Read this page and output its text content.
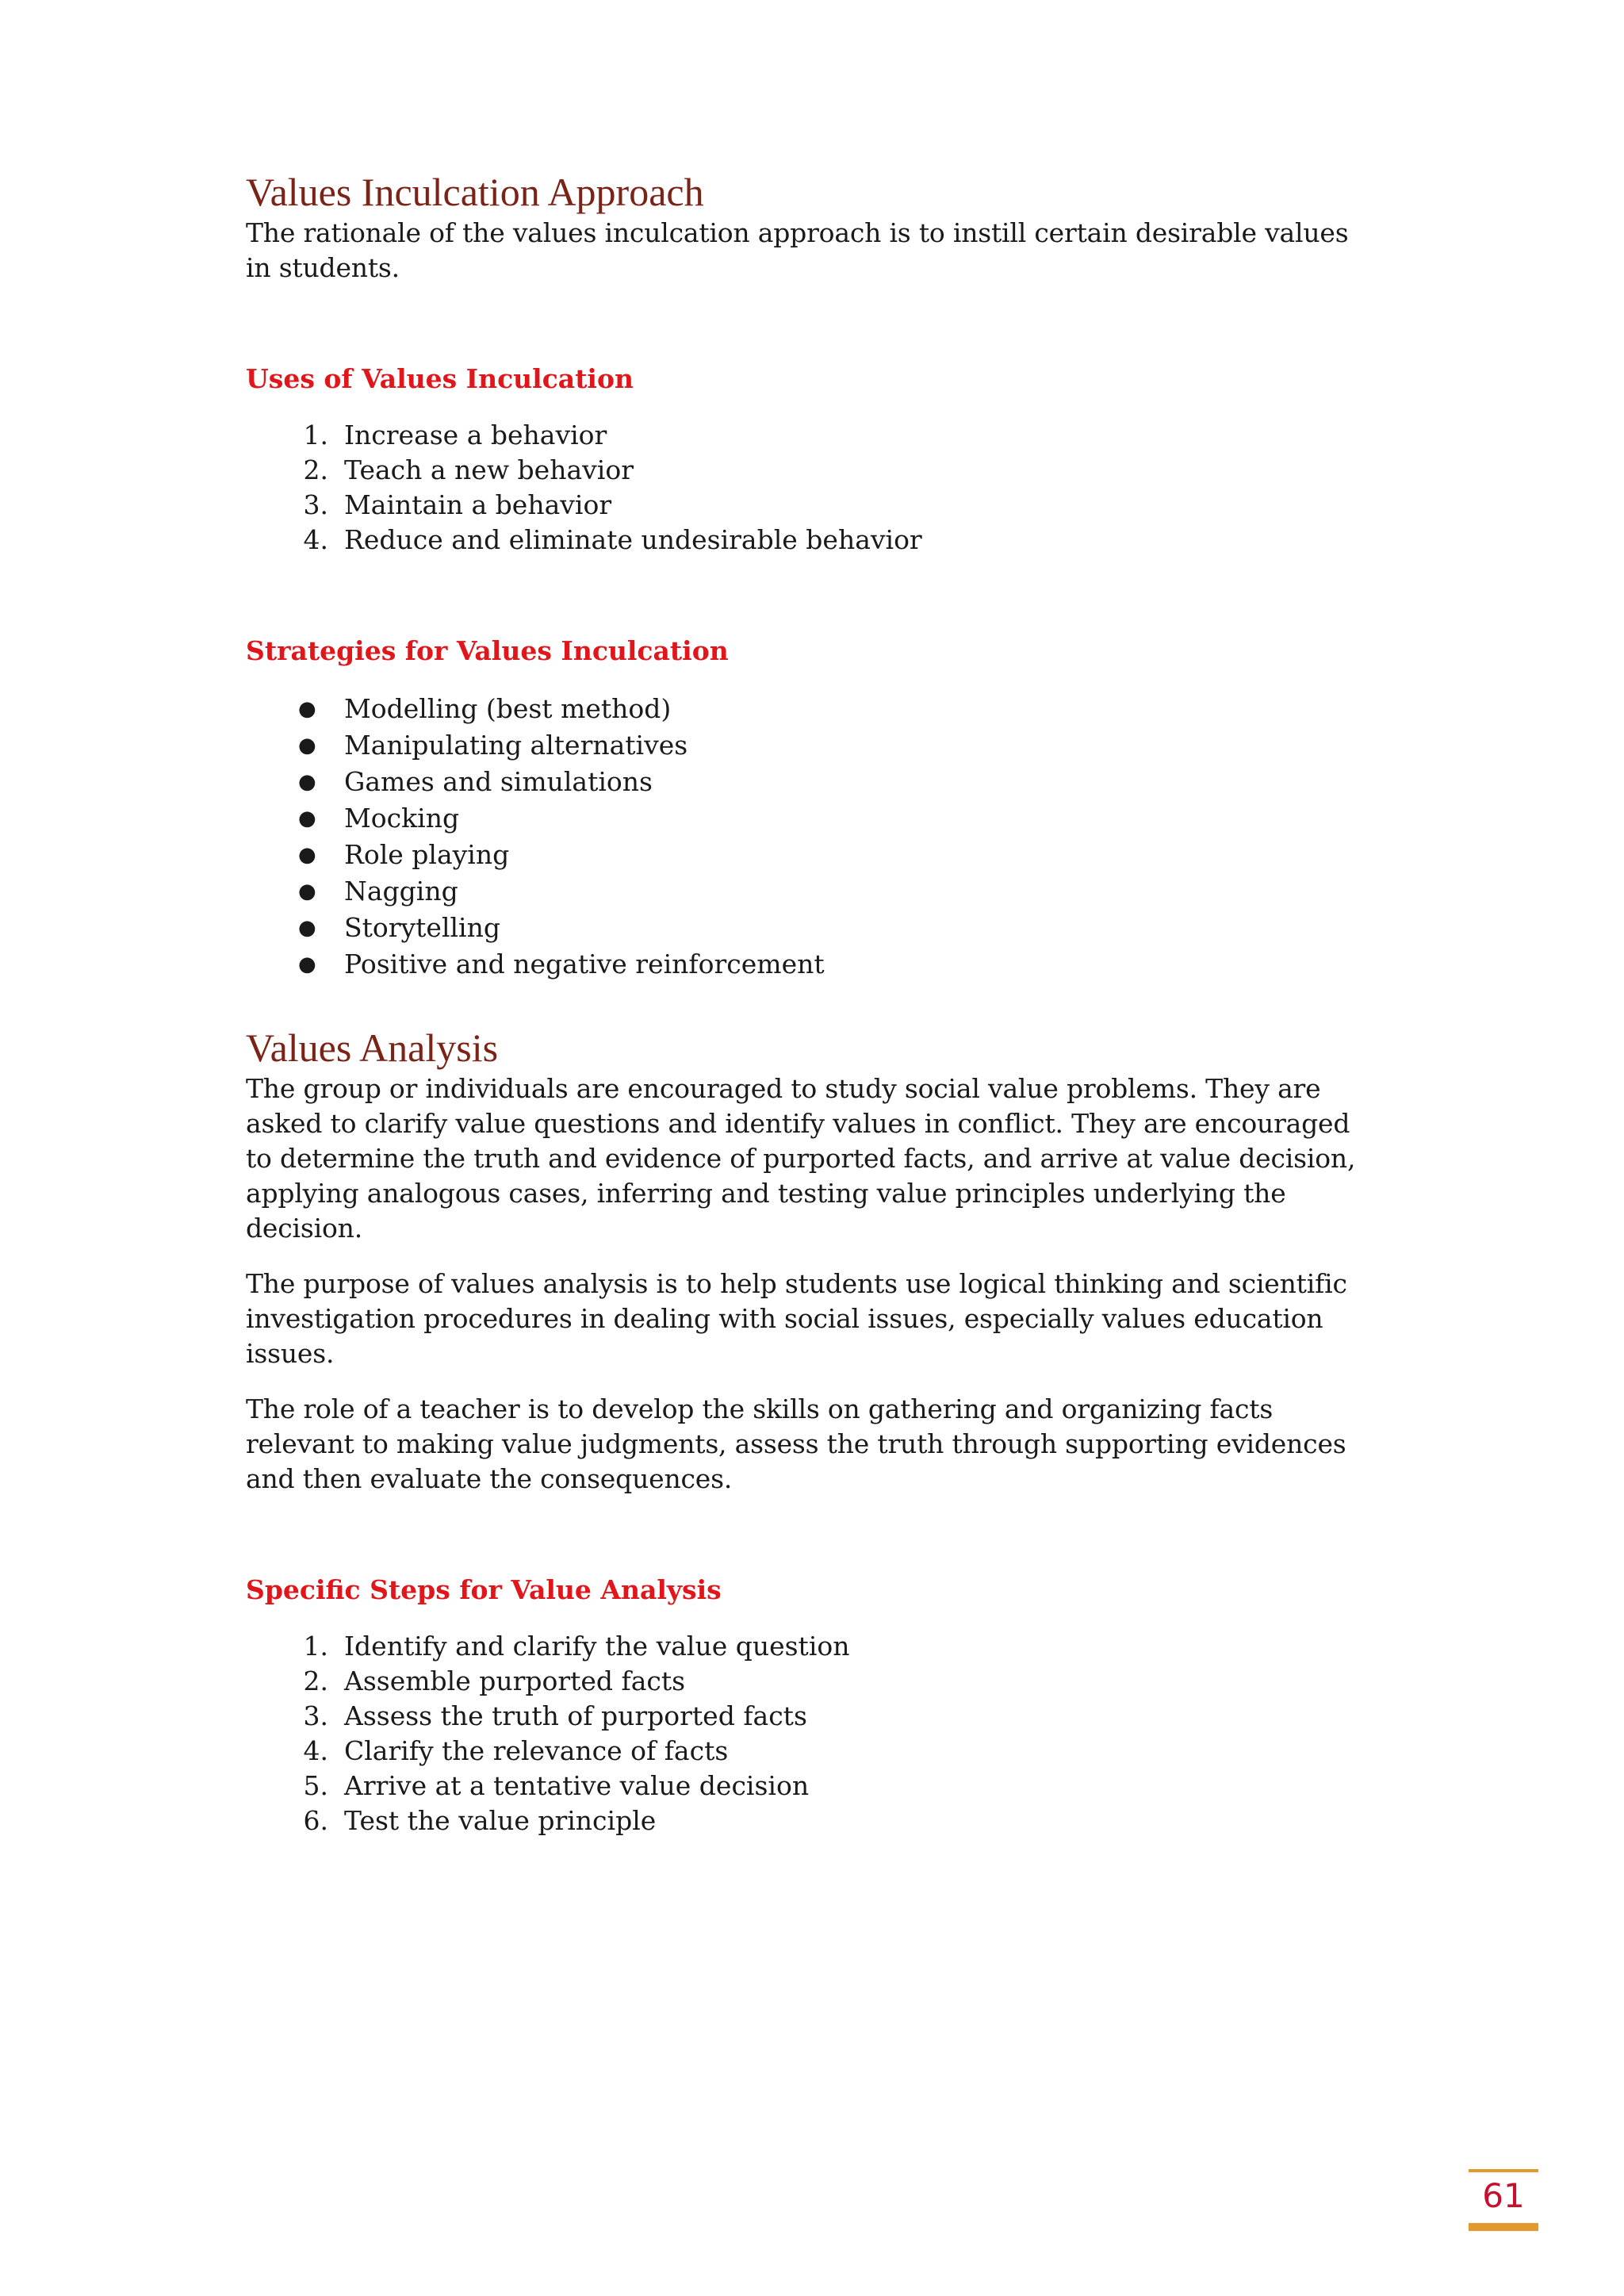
Values Inculcation Approach

The rationale of the values inculcation approach is to instill certain desirable values
in students.

Uses of Values Inculcation
1. Increase a behavior
2. Teach a new behavior
3. Maintain a behavior
4. Reduce and eliminate undesirable behavior
Strategies for Values Inculcation
● Modelling (best method)
● Manipulating alternatives
● Games and simulations
● Mocking
● Role playing
● Nagging
● Storytelling
● Positive and negative reinforcement
Values Analysis

The group or individuals are encouraged to study social value problems. They are
asked to clarify value questions and identify values in conflict. They are encouraged
to determine the truth and evidence of purported facts, and arrive at value decision,
applying analogous cases, inferring and testing value principles underlying the
decision.

The purpose of values analysis is to help students use logical thinking and scientific
investigation procedures in dealing with social issues, especially values education
issues.

The role of a teacher is to develop the skills on gathering and organizing facts
relevant to making value judgments, assess the truth through supporting evidences
and then evaluate the consequences.

Specific Steps for Value Analysis
1. Identify and clarify the value question
2. Assemble purported facts
3. Assess the truth of purported facts
4. Clarify the relevance of facts
5. Arrive at a tentative value decision
6. Test the value principle
61
